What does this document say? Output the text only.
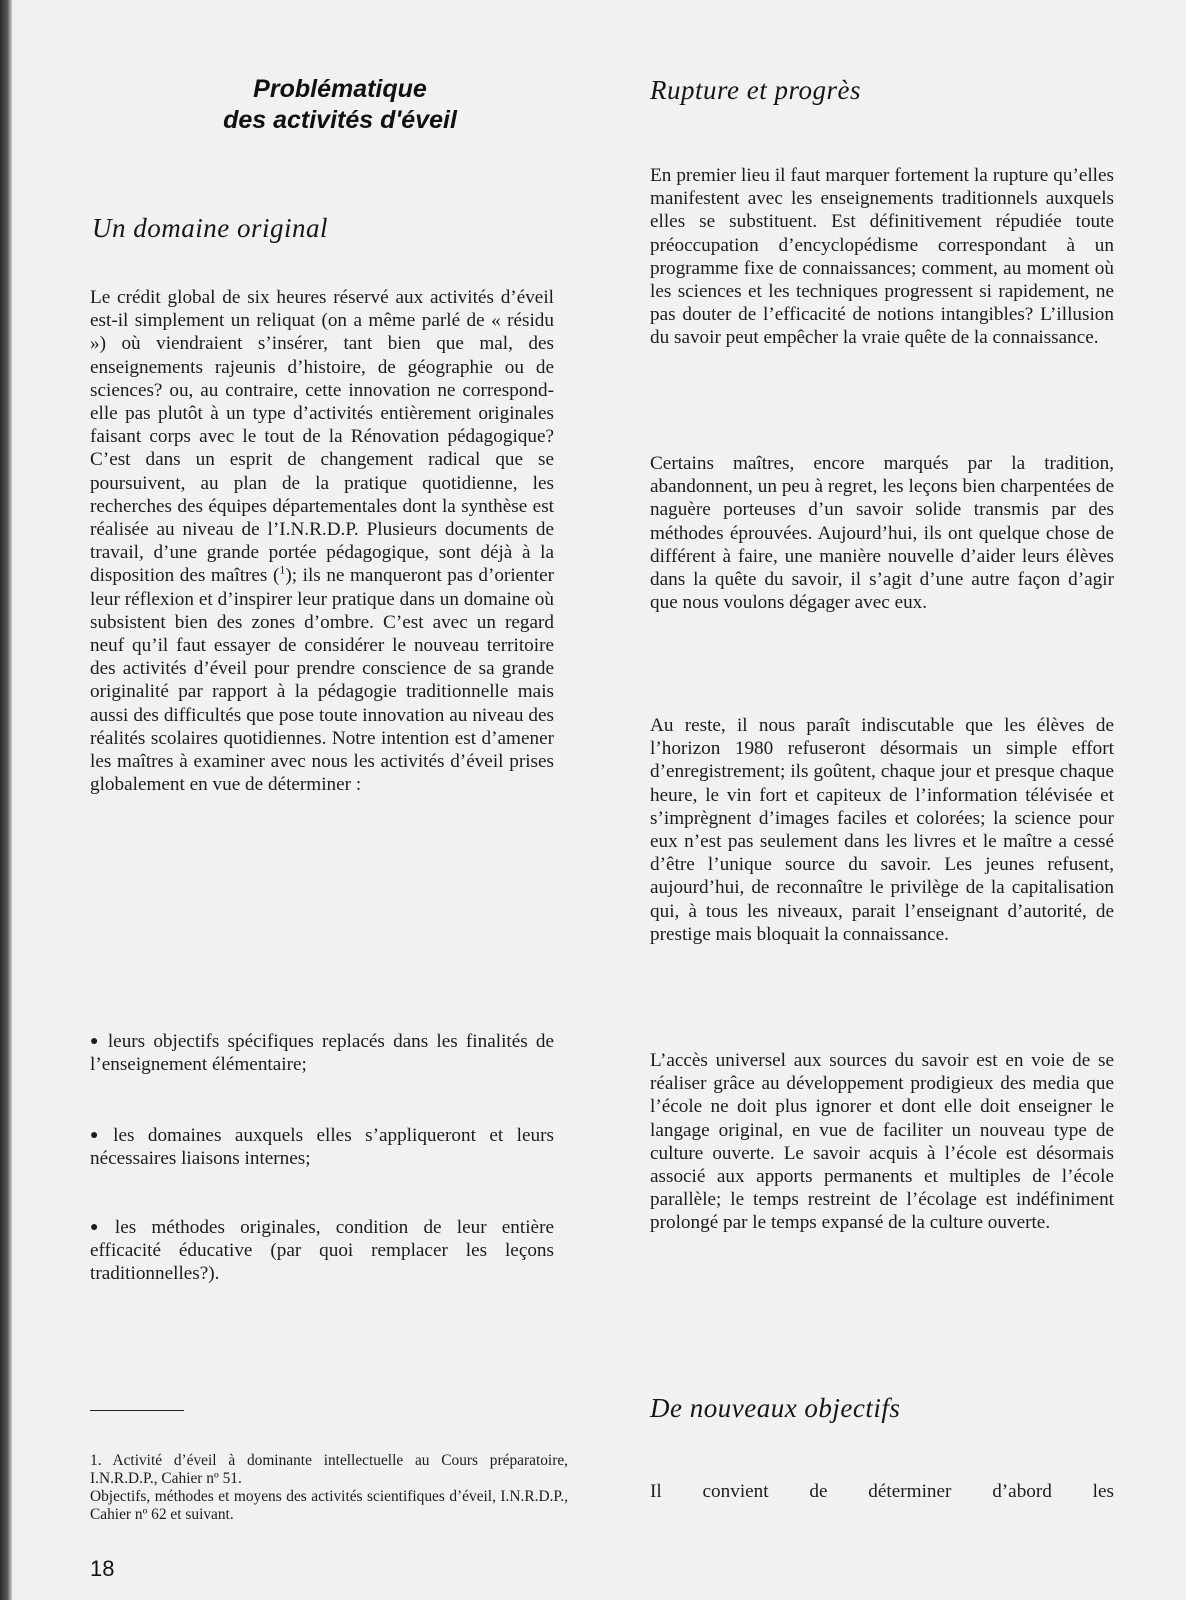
Problématique
des activités d'éveil
Un domaine original
Le crédit global de six heures réservé aux activités d’éveil est-il simplement un reliquat (on a même parlé de « résidu ») où viendraient s’insérer, tant bien que mal, des enseignements rajeunis d’histoire, de géographie ou de sciences? ou, au contraire, cette innovation ne correspond-elle pas plutôt à un type d’activités entièrement originales faisant corps avec le tout de la Rénovation pédagogique? C’est dans un esprit de changement radical que se poursuivent, au plan de la pratique quotidienne, les recherches des équipes départementales dont la synthèse est réalisée au niveau de l’I.N.R.D.P. Plusieurs documents de travail, d’une grande portée pédagogique, sont déjà à la disposition des maîtres ($^1$); ils ne manqueront pas d’orienter leur réflexion et d’inspirer leur pratique dans un domaine où subsistent bien des zones d’ombre. C’est avec un regard neuf qu’il faut essayer de considérer le nouveau territoire des activités d’éveil pour prendre conscience de sa grande originalité par rapport à la pédagogie traditionnelle mais aussi des difficultés que pose toute innovation au niveau des réalités scolaires quotidiennes. Notre intention est d’amener les maîtres à examiner avec nous les activités d’éveil prises globalement en vue de déterminer :
● leurs objectifs spécifiques replacés dans les finalités de l’enseignement élémentaire;
● les domaines auxquels elles s’appliqueront et leurs nécessaires liaisons internes;
● les méthodes originales, condition de leur entière efficacité éducative (par quoi remplacer les leçons traditionnelles?).
1. Activité d’éveil à dominante intellectuelle au Cours préparatoire, I.N.R.D.P., Cahier nº 51.
Objectifs, méthodes et moyens des activités scientifiques d’éveil, I.N.R.D.P., Cahier nº 62 et suivant.
18
Rupture et progrès
En premier lieu il faut marquer fortement la rupture qu’elles manifestent avec les enseignements traditionnels auxquels elles se substituent. Est définitivement répudiée toute préoccupation d’encyclopédisme correspondant à un programme fixe de connaissances; comment, au moment où les sciences et les techniques progressent si rapidement, ne pas douter de l’efficacité de notions intangibles? L’illusion du savoir peut empêcher la vraie quête de la connaissance.
Certains maîtres, encore marqués par la tradition, abandonnent, un peu à regret, les leçons bien charpentées de naguère porteuses d’un savoir solide transmis par des méthodes éprouvées. Aujourd’hui, ils ont quelque chose de différent à faire, une manière nouvelle d’aider leurs élèves dans la quête du savoir, il s’agit d’une autre façon d’agir que nous voulons dégager avec eux.
Au reste, il nous paraît indiscutable que les élèves de l’horizon 1980 refuseront désormais un simple effort d’enregistrement; ils goûtent, chaque jour et presque chaque heure, le vin fort et capiteux de l’information télévisée et s’imprègnent d’images faciles et colorées; la science pour eux n’est pas seulement dans les livres et le maître a cessé d’être l’unique source du savoir. Les jeunes refusent, aujourd’hui, de reconnaître le privilège de la capitalisation qui, à tous les niveaux, parait l’enseignant d’autorité, de prestige mais bloquait la connaissance.
L’accès universel aux sources du savoir est en voie de se réaliser grâce au développement prodigieux des media que l’école ne doit plus ignorer et dont elle doit enseigner le langage original, en vue de faciliter un nouveau type de culture ouverte. Le savoir acquis à l’école est désormais associé aux apports permanents et multiples de l’école parallèle; le temps restreint de l’écolage est indéfiniment prolongé par le temps expansé de la culture ouverte.
De nouveaux objectifs
Il convient de déterminer d’abord les
